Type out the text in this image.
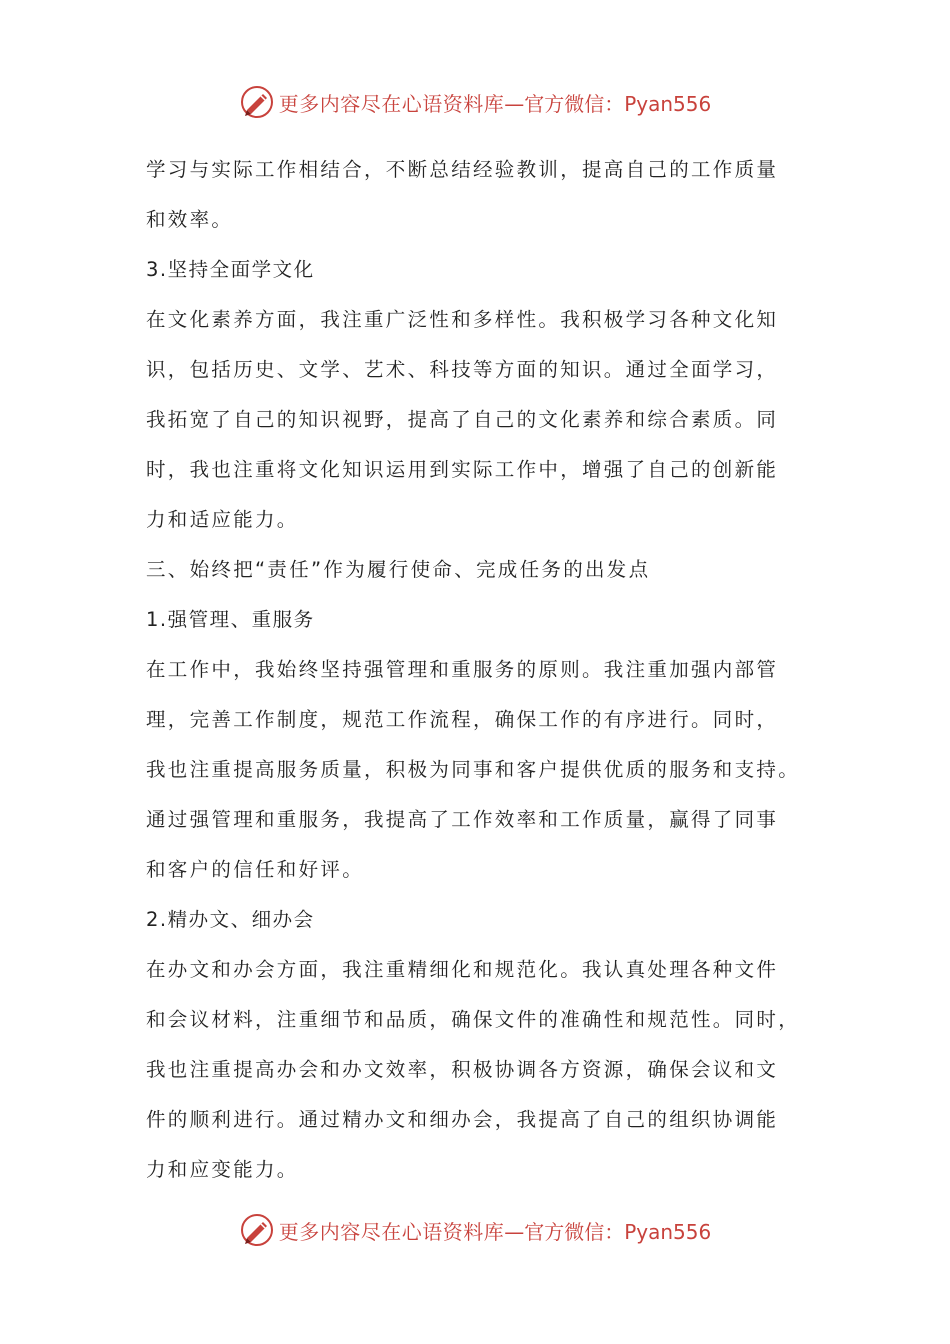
更多内容尽在心语资料库 —官方微信：Pyan556
学习与实际工作相结合，不断总结经验教训，提高自己的工作质量
和效率。
3.坚持全面学文化
在文化素养方面，我注重广泛性和多样性。我积极学习各种文化知
识，包括历史、文学、艺术、科技等方面的知识。通过全面学习，
我拓宽了自己的知识视野，提高了自己的文化素养和综合素质。同
时，我也注重将文化知识运用到实际工作中，增强了自己的创新能
力和适应能力。
三、始终把“责任”作为履行使命、完成任务的出发点
1.强管理、重服务
在工作中，我始终坚持强管理和重服务的原则。我注重加强内部管
理，完善工作制度，规范工作流程，确保工作的有序进行。同时，
我也注重提高服务质量，积极为同事和客户提供优质的服务和支持。
通过强管理和重服务，我提高了工作效率和工作质量，赢得了同事
和客户的信任和好评。
2.精办文、细办会
在办文和办会方面，我注重精细化和规范化。我认真处理各种文件
和会议材料，注重细节和品质，确保文件的准确性和规范性。同时，
我也注重提高办会和办文效率，积极协调各方资源，确保会议和文
件的顺利进行。通过精办文和细办会，我提高了自己的组织协调能
力和应变能力。
更多内容尽在心语资料库 —官方微信：Pyan556
